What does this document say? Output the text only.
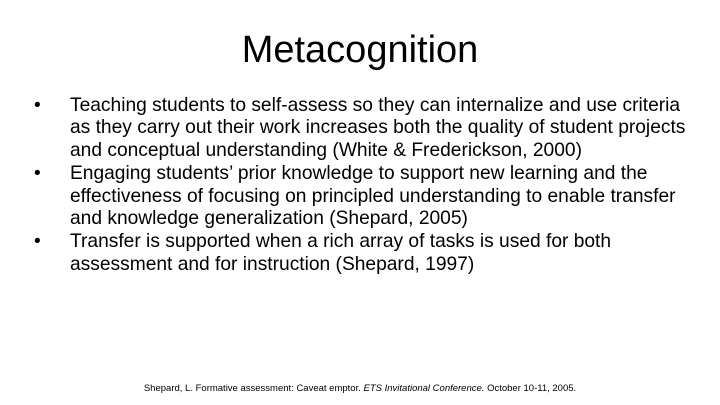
Metacognition
•	Teaching students to self-assess so they can internalize and use criteria as they carry out their work increases both the quality of student projects and conceptual understanding (White & Frederickson, 2000)
•	Engaging students’ prior knowledge to support new learning and the effectiveness of focusing on principled understanding to enable transfer and knowledge generalization (Shepard, 2005)
•	Transfer is supported when a rich array of tasks is used for both assessment and for instruction (Shepard, 1997)
Shepard, L. Formative assessment: Caveat emptor. ETS Invitational Conference. October 10-11, 2005.
